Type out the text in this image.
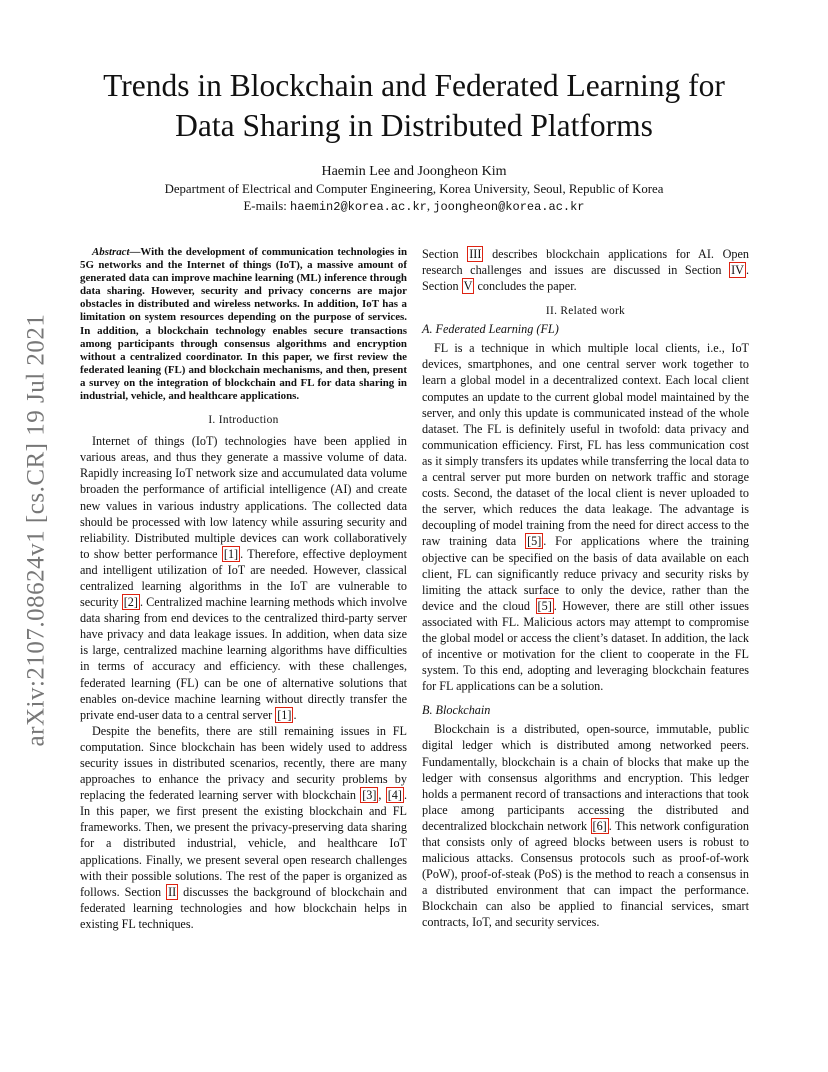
arXiv:2107.08624v1 [cs.CR] 19 Jul 2021
Trends in Blockchain and Federated Learning for
Data Sharing in Distributed Platforms
Haemin Lee and Joongheon Kim
Department of Electrical and Computer Engineering, Korea University, Seoul, Republic of Korea
E-mails: haemin2@korea.ac.kr, joongheon@korea.ac.kr

Abstract—With the development of communication technologies in 5G networks and the Internet of things (IoT), a massive amount of generated data can improve machine learning (ML) inference through data sharing. However, security and privacy concerns are major obstacles in distributed and wireless networks. In addition, IoT has a limitation on system resources depending on the purpose of services. In addition, a blockchain technology enables secure transactions among participants through consensus algorithms and encryption without a centralized coordinator. In this paper, we first review the federated leaning (FL) and blockchain mechanisms, and then, present a survey on the integration of blockchain and FL for data sharing in industrial, vehicle, and healthcare applications.

I. Introduction

Internet of things (IoT) technologies have been applied in various areas, and thus they generate a massive volume of data. Rapidly increasing IoT network size and accumulated data volume broaden the performance of artificial intelligence (AI) and create new values in various industry applications. The collected data should be processed with low latency while assuring security and reliability. Distributed multiple devices can work collaboratively to show better performance [1] . Therefore, effective deployment and intelligent utilization of IoT are needed. However, classical centralized learning algorithms in the IoT are vulnerable to security [2] . Centralized machine learning methods which involve data sharing from end devices to the centralized third-party server have privacy and data leakage issues. In addition, when data size is large, centralized machine learning algorithms have difficulties in terms of accuracy and efficiency. with these challenges, federated learning (FL) can be one of alternative solutions that enables on-device machine learning without directly transfer the private end-user data to a central server [1] .

Despite the benefits, there are still remaining issues in FL computation. Since blockchain has been widely used to address security issues in distributed scenarios, recently, there are many approaches to enhance the privacy and security problems by replacing the federated learning server with blockchain [3] , [4] . In this paper, we first present the existing blockchain and FL frameworks. Then, we present the privacy-preserving data sharing for a distributed industrial, vehicle, and healthcare IoT applications. Finally, we present several open research challenges with their possible solutions. The rest of the paper is organized as follows. Section II discusses the background of blockchain and federated learning technologies and how blockchain helps in existing FL techniques.

Section III describes blockchain applications for AI. Open research challenges and issues are discussed in Section IV . Section V concludes the paper.

II. Related work
A. Federated Learning (FL)

FL is a technique in which multiple local clients, i.e., IoT devices, smartphones, and one central server work together to learn a global model in a decentralized context. Each local client computes an update to the current global model maintained by the server, and only this update is communicated instead of the whole dataset. The FL is definitely useful in twofold: data privacy and communication efficiency. First, FL has less communication cost as it simply transfers its updates while transferring the local data to a central server put more burden on network traffic and storage costs. Second, the dataset of the local client is never uploaded to the server, which reduces the data leakage. The advantage is decoupling of model training from the need for direct access to the raw training data [5] . For applications where the training objective can be specified on the basis of data available on each client, FL can significantly reduce privacy and security risks by limiting the attack surface to only the device, rather than the device and the cloud [5] . However, there are still other issues associated with FL. Malicious actors may attempt to compromise the global model or access the client’s dataset. In addition, the lack of incentive or motivation for the client to cooperate in the FL system. To this end, adopting and leveraging blockchain features for FL applications can be a solution.

B. Blockchain

Blockchain is a distributed, open-source, immutable, public digital ledger which is distributed among networked peers. Fundamentally, blockchain is a chain of blocks that make up the ledger with consensus algorithms and encryption. This ledger holds a permanent record of transactions and interactions that took place among participants accessing the distributed and decentralized blockchain network [6] . This network configuration that consists only of agreed blocks between users is robust to malicious attacks. Consensus protocols such as proof-of-work (PoW), proof-of-steak (PoS) is the method to reach a consensus in a distributed environment that can impact the performance. Blockchain can also be applied to financial services, smart contracts, IoT, and security services.
